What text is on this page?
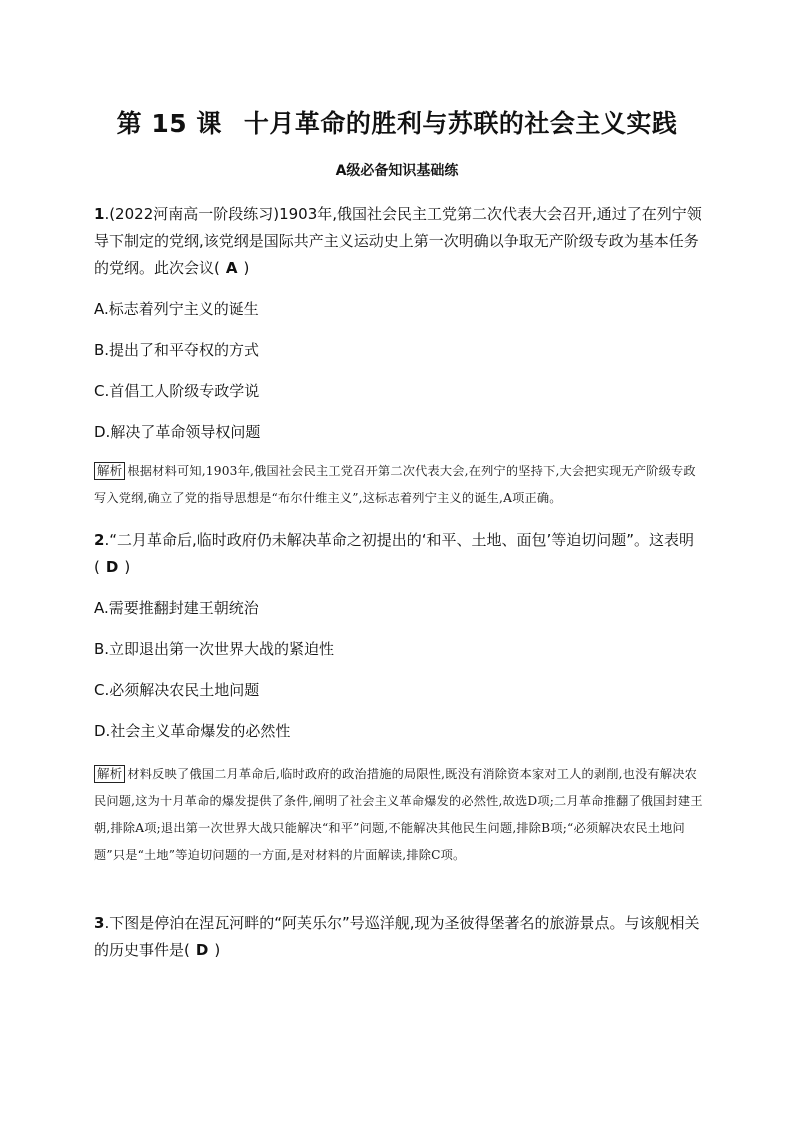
第 15 课 十月革命的胜利与苏联的社会主义实践
A级必备知识基础练
1.(2022河南高一阶段练习)1903年,俄国社会民主工党第二次代表大会召开,通过了在列宁领导下制定的党纲,该党纲是国际共产主义运动史上第一次明确以争取无产阶级专政为基本任务的党纲。此次会议( A )
A.标志着列宁主义的诞生
B.提出了和平夺权的方式
C.首倡工人阶级专政学说
D.解决了革命领导权问题
解析 根据材料可知,1903年,俄国社会民主工党召开第二次代表大会,在列宁的坚持下,大会把实现无产阶级专政写入党纲,确立了党的指导思想是“布尔什维主义”,这标志着列宁主义的诞生,A项正确。
2.“二月革命后,临时政府仍未解决革命之初提出的‘和平、土地、面包’等迫切问题”。这表明 ( D )
A.需要推翻封建王朝统治
B.立即退出第一次世界大战的紧迫性
C.必须解决农民土地问题
D.社会主义革命爆发的必然性
解析 材料反映了俄国二月革命后,临时政府的政治措施的局限性,既没有消除资本家对工人的剥削,也没有解决农民问题,这为十月革命的爆发提供了条件,阐明了社会主义革命爆发的必然性,故选D项;二月革命推翻了俄国封建王朝,排除A项;退出第一次世界大战只能解决“和平”问题,不能解决其他民生问题,排除B项;“必须解决农民土地问题”只是“土地”等迫切问题的一方面,是对材料的片面解读,排除C项。
3.下图是停泊在涅瓦河畔的“阿芙乐尔”号巡洋舰,现为圣彼得堡著名的旅游景点。与该舰相关的历史事件是( D )
